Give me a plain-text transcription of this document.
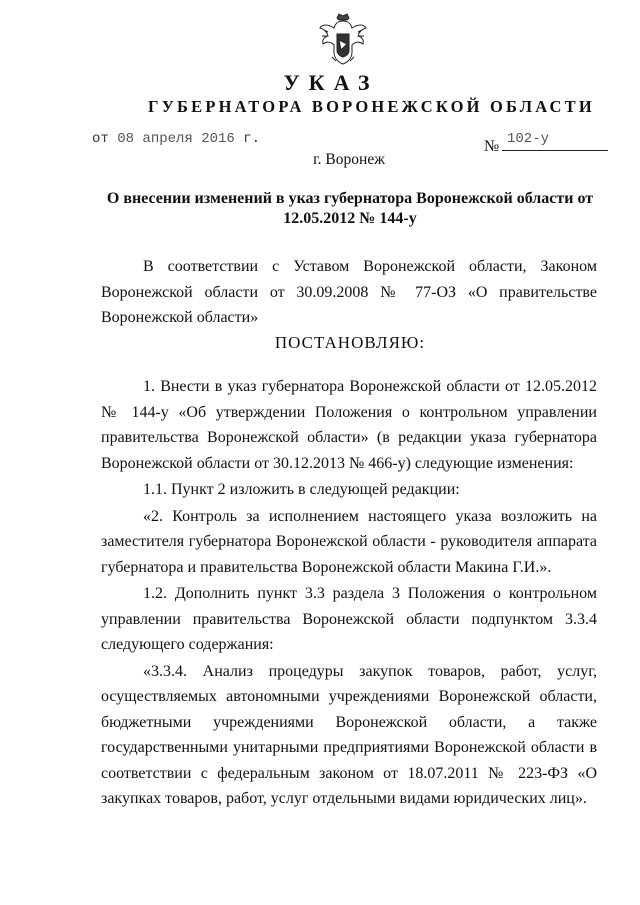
УКАЗ
ГУБЕРНАТОРА ВОРОНЕЖСКОЙ ОБЛАСТИ
от 08 апреля 2016 г.	№ 102-у
г. Воронеж
О внесении изменений в указ губернатора Воронежской области от 12.05.2012 № 144-у

В соответствии с Уставом Воронежской области, Законом Воронежской области от 30.09.2008 № 77-ОЗ «О правительстве Воронежской области»

ПОСТАНОВЛЯЮ:

1. Внести в указ губернатора Воронежской области от 12.05.2012 № 144-у «Об утверждении Положения о контрольном управлении правительства Воронежской области» (в редакции указа губернатора Воронежской области от 30.12.2013 № 466-у) следующие изменения:

1.1. Пункт 2 изложить в следующей редакции:

«2. Контроль за исполнением настоящего указа возложить на заместителя губернатора Воронежской области - руководителя аппарата губернатора и правительства Воронежской области Макина Г.И.».

1.2. Дополнить пункт 3.3 раздела 3 Положения о контрольном управлении правительства Воронежской области подпунктом 3.3.4 следующего содержания:

«3.3.4. Анализ процедуры закупок товаров, работ, услуг, осуществляемых автономными учреждениями Воронежской области, бюджетными учреждениями Воронежской области, а также государственными унитарными предприятиями Воронежской области в соответствии с федеральным законом от 18.07.2011 № 223-ФЗ «О закупках товаров, работ, услуг отдельными видами юридических лиц».
